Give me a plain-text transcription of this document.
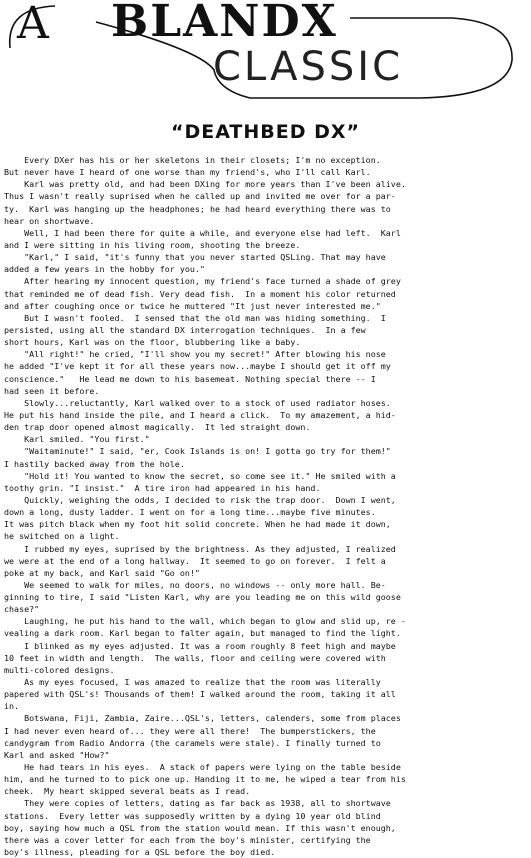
A BLANDX
CLASSIC
“DEATHBED DX”
Every DXer has his or her skeletons in their closets; I'm no exception.
But never have I heard of one worse than my friend's, who I'll call Karl.
Karl was pretty old, and had been DXing for more years than I've been alive.
Thus I wasn't really suprised when he called up and invited me over for a par-
ty.  Karl was hanging up the headphones; he had heard everything there was to
hear on shortwave.
Well, I had been there for quite a while, and everyone else had left.  Karl
and I were sitting in his living room, shooting the breeze.
"Karl," I said, "it's funny that you never started QSLing. That may have
added a few years in the hobby for you."
After hearing my innocent question, my friend's face turned a shade of grey
that reminded me of dead fish. Very dead fish.  In a moment his color returned
and after coughing once or twice he muttered "It just never interested me."
But I wasn't fooled.  I sensed that the old man was hiding something.  I
persisted, using all the standard DX interrogation techniques.  In a few
short hours, Karl was on the floor, blubbering like a baby.
"All right!" he cried, "I'll show you my secret!" After blowing his nose
he added "I've kept it for all these years now...maybe I should get it off my
conscience."   He lead me down to his basemeat. Nothing special there -- I
had seen it before.
Slowly...reluctantly, Karl walked over to a stock of used radiator hoses.
He put his hand inside the pile, and I heard a click.  To my amazement, a hid-
den trap door opened almost magically.  It led straight down.
Karl smiled. "You first."
"Waitaminute!" I said, "er, Cook Islands is on! I gotta go try for them!"
I hastily backed away from the hole.
"Hold it! You wanted to know the secret, so come see it." He smiled with a
toothy grin. "I insist."  A tire iron had appeared in his hand.
Quickly, weighing the odds, I decided to risk the trap door.  Down I went,
down a long, dusty ladder. I went on for a long time...maybe five minutes.
It was pitch black when my foot hit solid concrete. When he had made it down,
he switched on a light.
I rubbed my eyes, suprised by the brightness. As they adjusted, I realized
we were at the end of a long hallway.  It seemed to go on forever.  I felt a
poke at my back, and Karl said "Go on!"
We seemed to walk for miles, no doors, no windows -- only more hall. Be-
ginning to tire, I said "Listen Karl, why are you leading me on this wild goose
chase?"
Laughing, he put his hand to the wall, which began to glow and slid up, re -
vealing a dark room. Karl began to falter again, but managed to find the light.
I blinked as my eyes adjusted. It was a room roughly 8 feet high and maybe
10 feet in width and length.  The walls, floor and ceiling were covered with
multi-colored designs.
As my eyes focused, I was amazed to realize that the room was literally
papered with QSL's! Thousands of them! I walked around the room, taking it all
in.
Botswana, Fiji, Zambia, Zaire...QSL's, letters, calenders, some from places
I had never even heard of... they were all there!  The bumperstickers, the
candygram from Radio Andorra (the caramels were stale). I finally turned to
Karl and asked "How?"
He had tears in his eyes.  A stack of papers were lying on the table beside
him, and he turned to to pick one up. Handing it to me, he wiped a tear from his
cheek.  My heart skipped several beats as I read.
They were copies of letters, dating as far back as 1938, all to shortwave
stations.  Every letter was supposedly written by a dying 10 year old blind
boy, saying how much a QSL from the station would mean. If this wasn't enough,
there was a cover letter for each from the boy's minister, certifying the
boy's illness, pleading for a QSL before the boy died.
